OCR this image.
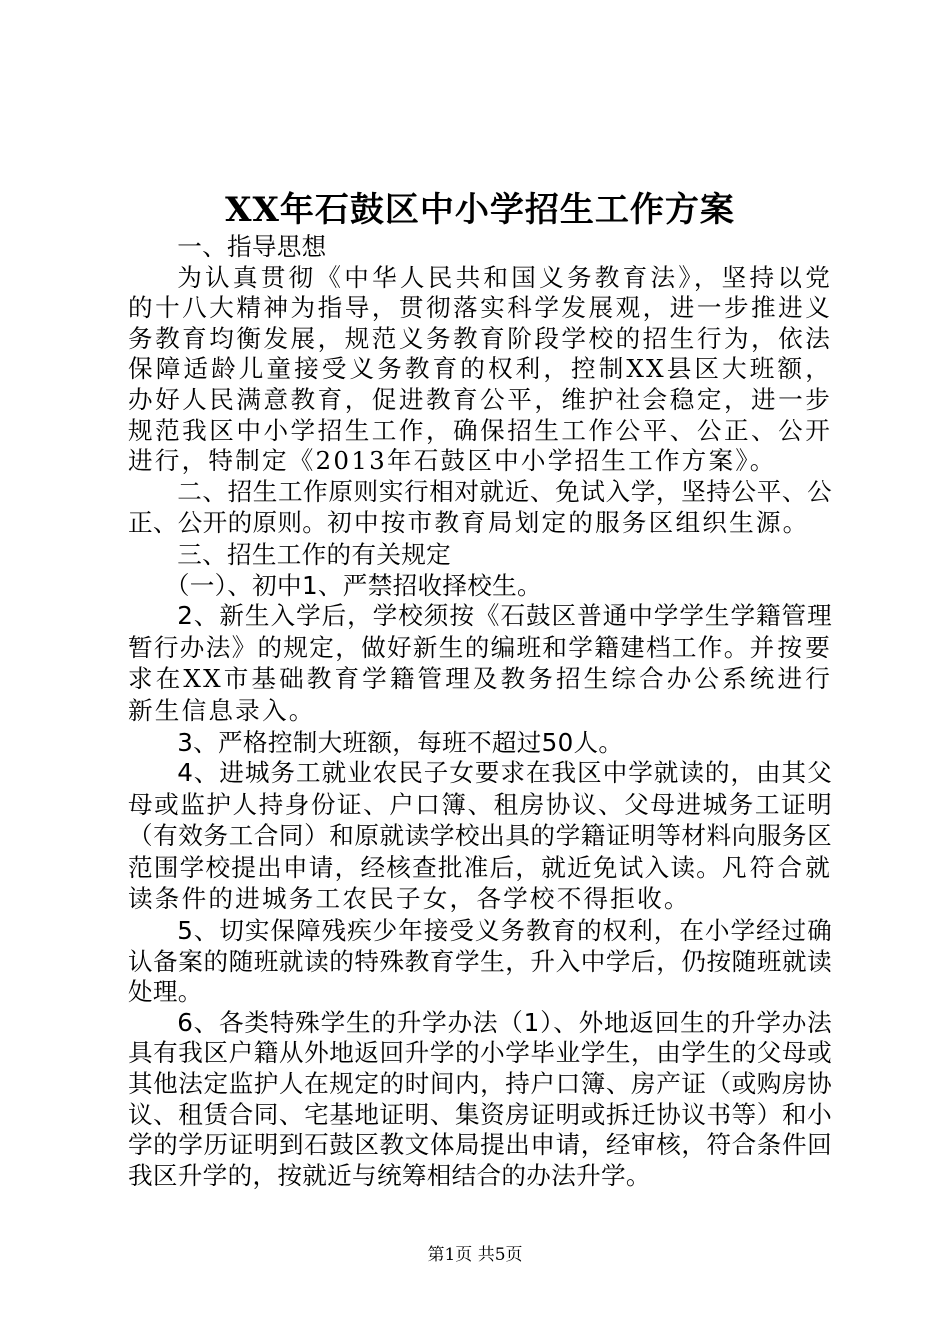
XX年石鼓区中小学招生工作方案

一、指导思想

为认真贯彻《中华人民共和国义务教育法》，坚持以党的十八大精神为指导，贯彻落实科学发展观，进一步推进义务教育均衡发展，规范义务教育阶段学校的招生行为，依法保障适龄儿童接受义务教育的权利，控制XX县区大班额，办好人民满意教育，促进教育公平，维护社会稳定，进一步规范我区中小学招生工作，确保招生工作公平、公正、公开进行，特制定《2013年石鼓区中小学招生工作方案》。

二、招生工作原则实行相对就近、免试入学，坚持公平、公正、公开的原则。初中按市教育局划定的服务区组织生源。

三、招生工作的有关规定

（一）、初中1、严禁招收择校生。

2、新生入学后，学校须按《石鼓区普通中学学生学籍管理暂行办法》的规定，做好新生的编班和学籍建档工作。并按要求在XX市基础教育学籍管理及教务招生综合办公系统进行新生信息录入。

3、严格控制大班额，每班不超过50人。

4、进城务工就业农民子女要求在我区中学就读的，由其父母或监护人持身份证、户口簿、租房协议、父母进城务工证明（有效务工合同）和原就读学校出具的学籍证明等材料向服务区范围学校提出申请，经核查批准后，就近免试入读。凡符合就读条件的进城务工农民子女，各学校不得拒收。

5、切实保障残疾少年接受义务教育的权利，在小学经过确认备案的随班就读的特殊教育学生，升入中学后，仍按随班就读处理。

6、各类特殊学生的升学办法（1）、外地返回生的升学办法具有我区户籍从外地返回升学的小学毕业学生，由学生的父母或其他法定监护人在规定的时间内，持户口簿、房产证（或购房协议、租赁合同、宅基地证明、集资房证明或拆迁协议书等）和小学的学历证明到石鼓区教文体局提出申请，经审核，符合条件回我区升学的，按就近与统筹相结合的办法升学。

第1页 共5页
